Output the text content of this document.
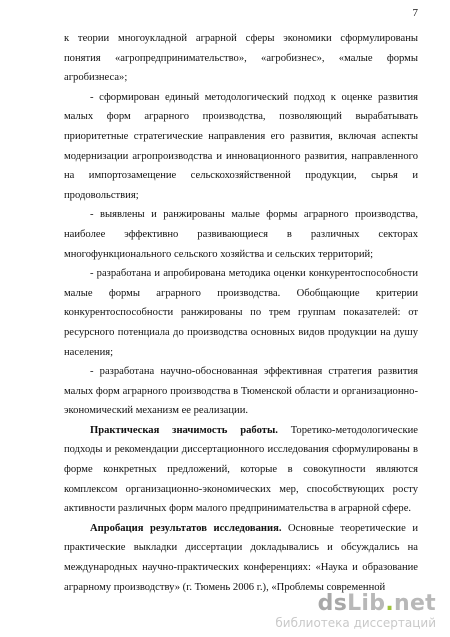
7

к теории многоукладной аграрной сферы экономики сформулированы понятия «агропредпринимательство», «агробизнес», «малые формы агробизнеса»;

- сформирован единый методологический подход к оценке развития малых форм аграрного производства, позволяющий вырабатывать приоритетные стратегические направления его развития, включая аспекты модернизации агропроизводства и инновационного развития, направленного на импортозамещение сельскохозяйственной продукции, сырья и продовольствия;

- выявлены и ранжированы малые формы аграрного производства, наиболее эффективно развивающиеся в различных секторах многофункционального сельского хозяйства и сельских территорий;

- разработана и апробирована методика оценки конкурентоспособности малые формы аграрного производства. Обобщающие критерии конкурентоспособности ранжированы по трем группам показателей: от ресурсного потенциала до производства основных видов продукции на душу населения;

- разработана научно-обоснованная эффективная стратегия развития малых форм аграрного производства в Тюменской области и организационно-экономический механизм ее реализации.

Практическая значимость работы. Торетико-методологические подходы и рекомендации диссертационного исследования сформулированы в форме конкретных предложений, которые в совокупности являются комплексом организационно-экономических мер, способствующих росту активности различных форм малого предпринимательства в аграрной сфере.

Апробация результатов исследования. Основные теоретические и практические выкладки диссертации докладывались и обсуждались на международных научно-практических конференциях: «Наука и образование аграрному производству» (г. Тюмень 2006 г.), «Проблемы современной

dsLib.net
библиотека диссертаций
